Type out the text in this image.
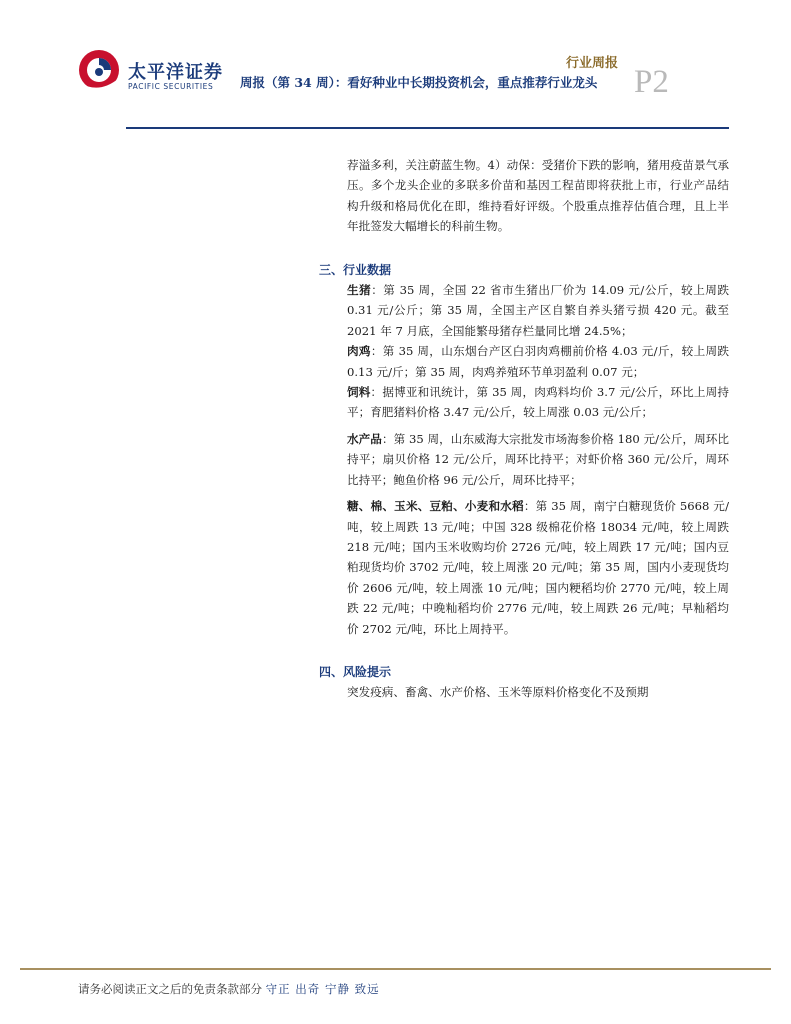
太平洋证券
PACIFIC SECURITIES
行业周报
周报（第 34 周）：看好种业中长期投资机会，重点推荐行业龙头 P2

荐溢多利，关注蔚蓝生物。4）动保：受猪价下跌的影响，猪用疫苗景气承压。多个龙头企业的多联多价苗和基因工程苗即将获批上市，行业产品结构升级和格局优化在即，维持看好评级。个股重点推荐估值合理，且上半年批签发大幅增长的科前生物。

三、行业数据

生猪：第 35 周，全国 22 省市生猪出厂价为 14.09 元/公斤，较上周跌 0.31 元/公斤；第 35 周，全国主产区自繁自养头猪亏损 420 元。截至 2021 年 7 月底，全国能繁母猪存栏量同比增 24.5%；

肉鸡：第 35 周，山东烟台产区白羽肉鸡棚前价格 4.03 元/斤，较上周跌 0.13 元/斤；第 35 周，肉鸡养殖环节单羽盈利 0.07 元；

饲料：据博亚和讯统计，第 35 周，肉鸡料均价 3.7 元/公斤，环比上周持平；育肥猪料价格 3.47 元/公斤，较上周涨 0.03 元/公斤；

水产品：第 35 周，山东威海大宗批发市场海参价格 180 元/公斤，周环比持平；扇贝价格 12 元/公斤，周环比持平；对虾价格 360 元/公斤，周环比持平；鲍鱼价格 96 元/公斤，周环比持平；

糖、棉、玉米、豆粕、小麦和水稻：第 35 周，南宁白糖现货价 5668 元/吨，较上周跌 13 元/吨；中国 328 级棉花价格 18034 元/吨，较上周跌 218 元/吨；国内玉米收购均价 2726 元/吨，较上周跌 17 元/吨；国内豆粕现货均价 3702 元/吨，较上周涨 20 元/吨；第 35 周，国内小麦现货均价 2606 元/吨，较上周涨 10 元/吨；国内粳稻均价 2770 元/吨，较上周跌 22 元/吨；中晚籼稻均价 2776 元/吨，较上周跌 26 元/吨；早籼稻均价 2702 元/吨，环比上周持平。

四、风险提示

突发疫病、畜禽、水产价格、玉米等原料价格变化不及预期

请务必阅读正文之后的免责条款部分 守正 出奇 宁静 致远
